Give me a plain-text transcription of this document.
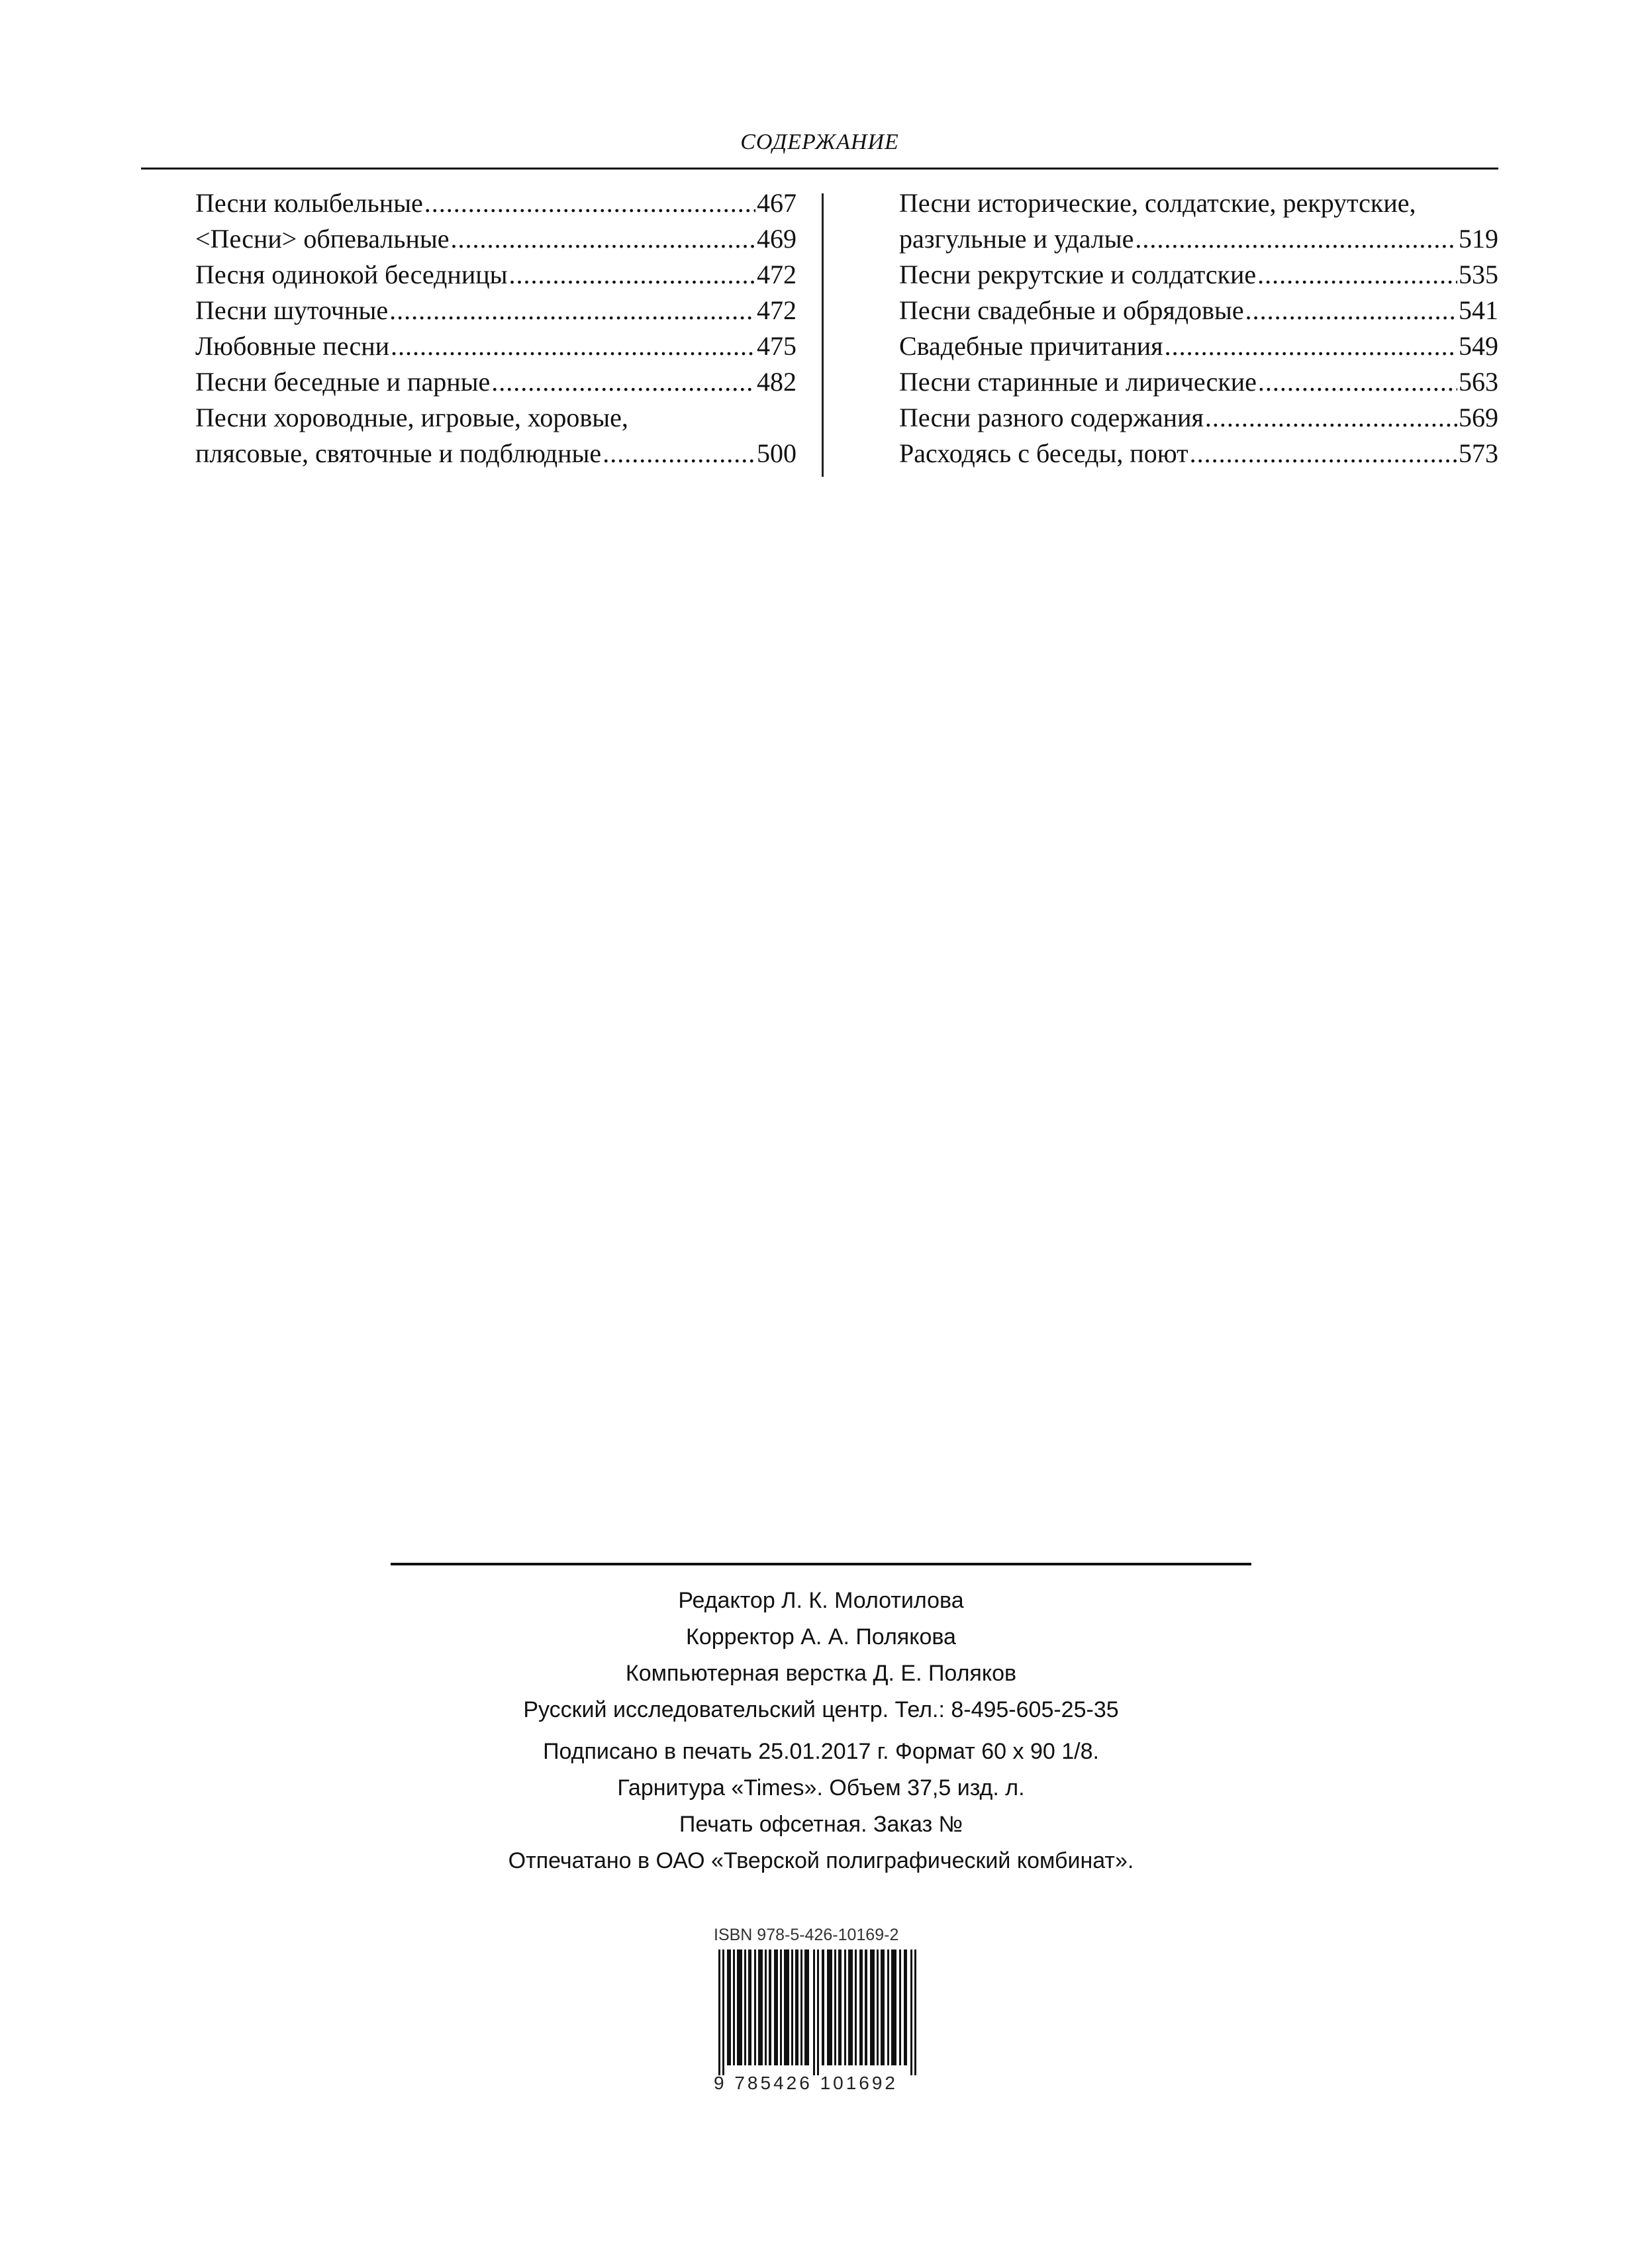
СОДЕРЖАНИЕ
Песни колыбельные .....	467
<Песни> обпевальные .....	469
Песня одинокой беседницы .....	472
Песни шуточные .....	472
Любовные песни .....	475
Песни беседные и парные .....	482
Песни хороводные, игровые, хоровые,
плясовые, святочные и подблюдные .....	500
Песни исторические, солдатские, рекрутские,
разгульные и удалые .....	519
Песни рекрутские и солдатские .....	535
Песни свадебные и обрядовые .....	541
Свадебные причитания .....	549
Песни старинные и лирические .....	563
Песни разного содержания .....	569
Расходясь с беседы, поют .....	573
Редактор Л. К. Молотилова
Корректор А. А. Полякова
Компьютерная верстка Д. Е. Поляков
Русский исследовательский центр. Тел.: 8-495-605-25-35
Подписано в печать 25.01.2017 г. Формат 60 x 90 1/8.
Гарнитура «Times». Объем 37,5 изд. л.
Печать офсетная. Заказ №
Отпечатано в ОАО «Тверской полиграфический комбинат».
ISBN 978-5-426-10169-2
9 785426 101692
